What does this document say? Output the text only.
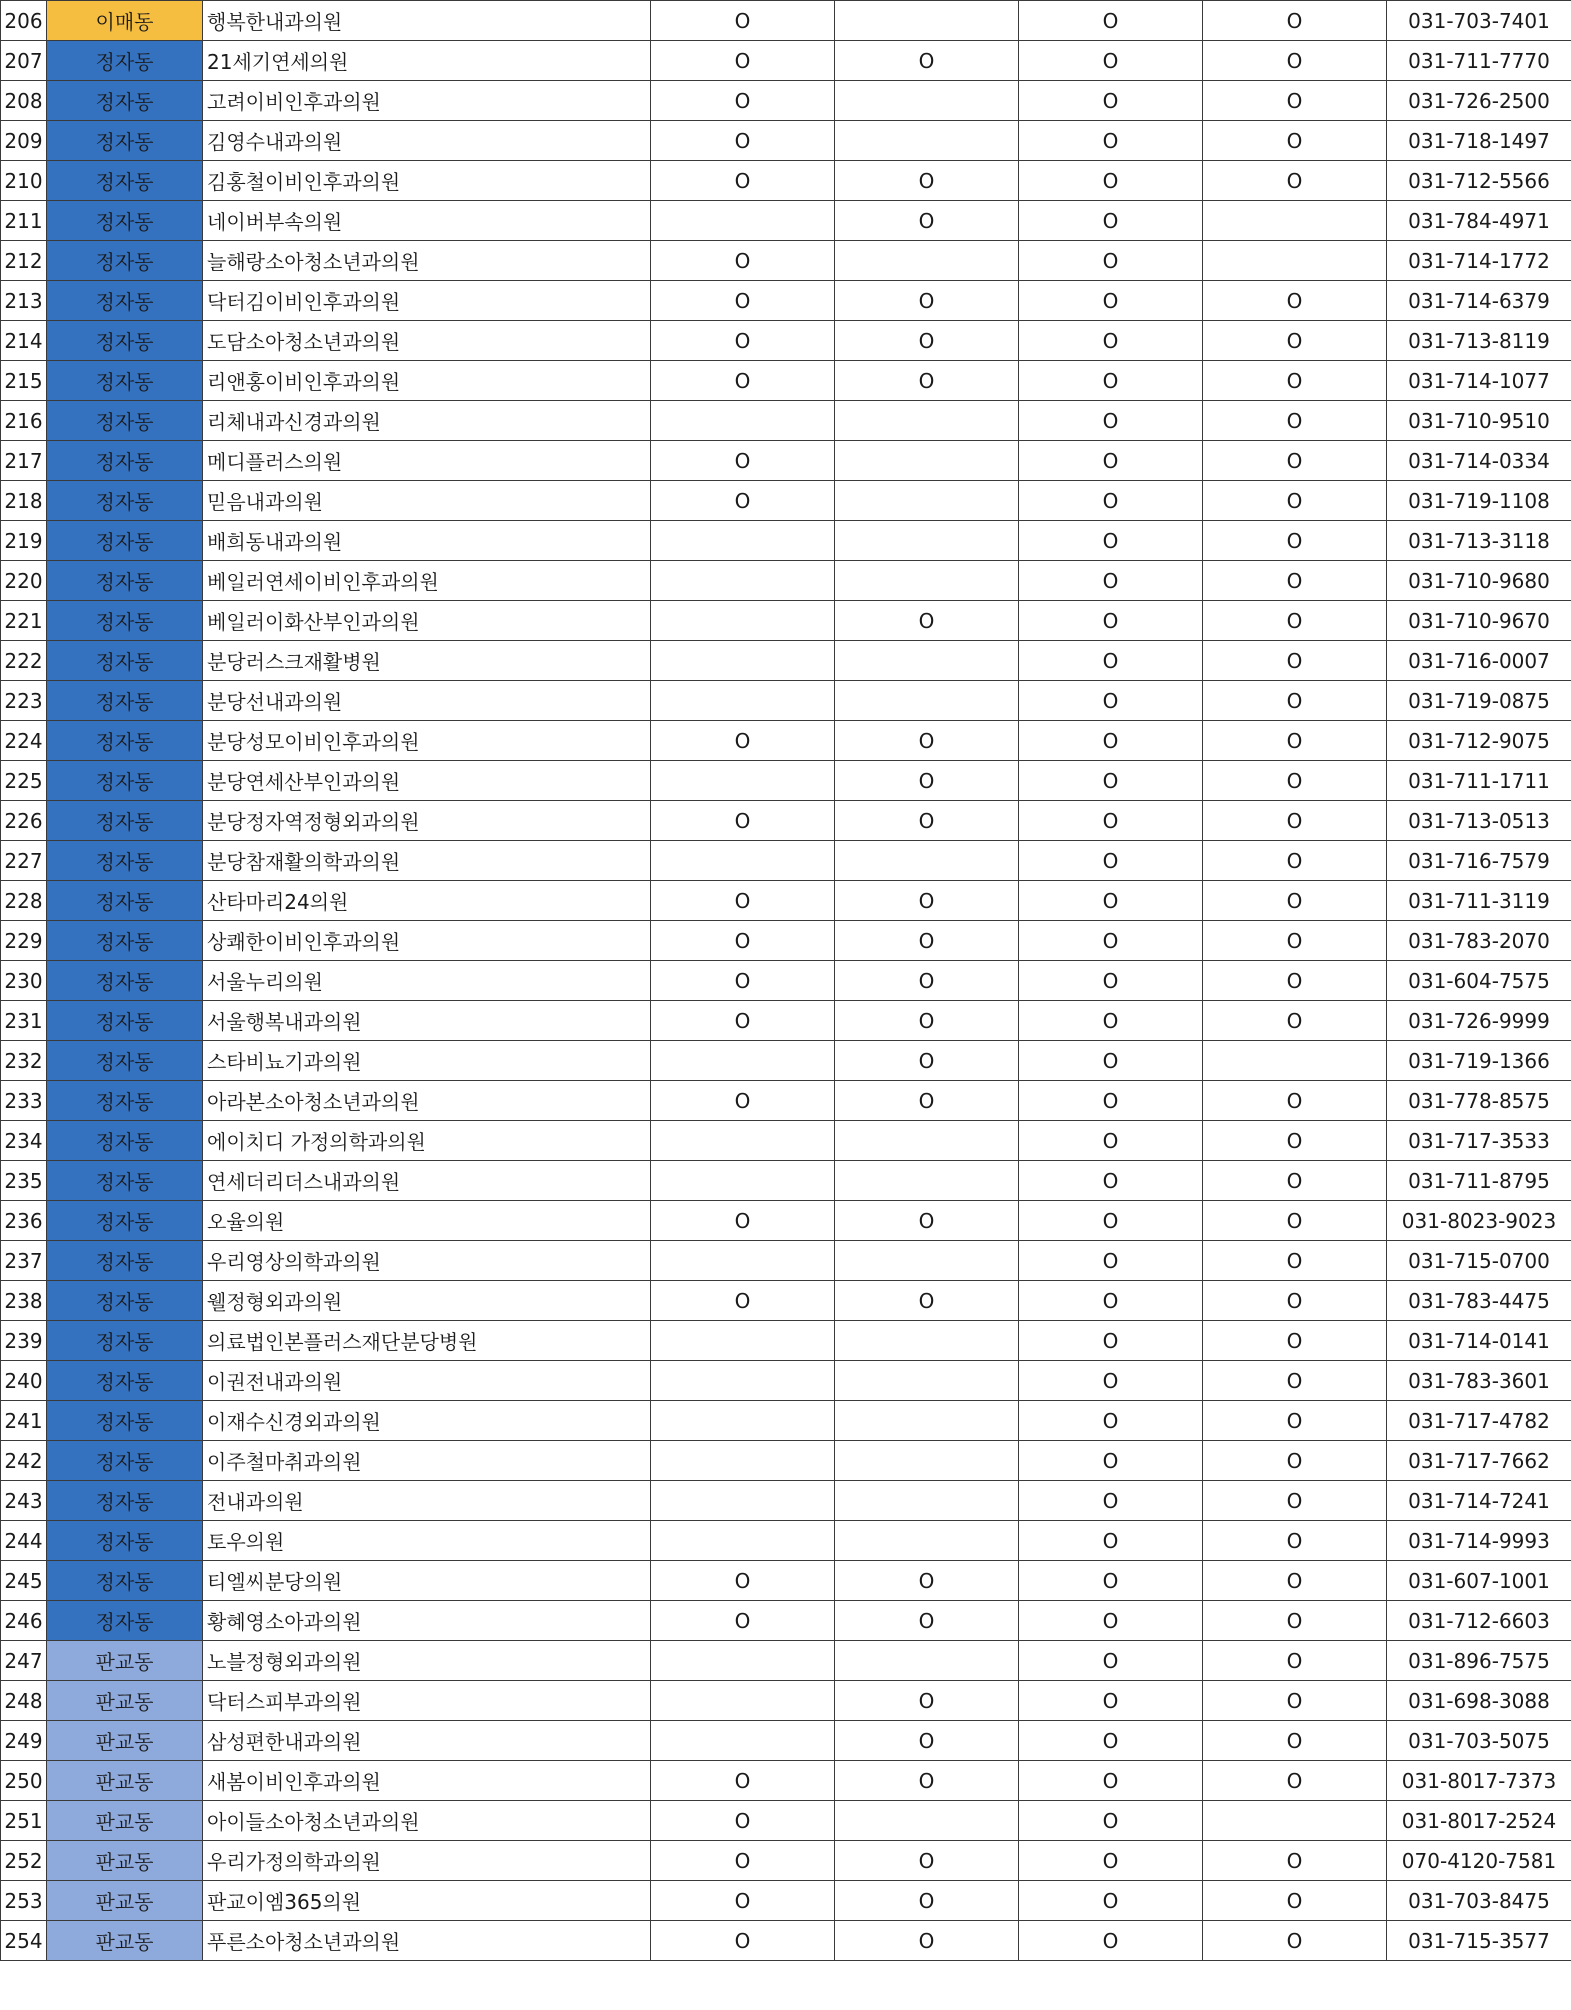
206	이매동	행복한내과의원	O		O	O	031-703-7401
207	정자동	21세기연세의원	O	O	O	O	031-711-7770
208	정자동	고려이비인후과의원	O		O	O	031-726-2500
209	정자동	김영수내과의원	O		O	O	031-718-1497
210	정자동	김홍철이비인후과의원	O	O	O	O	031-712-5566
211	정자동	네이버부속의원		O	O		031-784-4971
212	정자동	늘해랑소아청소년과의원	O		O		031-714-1772
213	정자동	닥터김이비인후과의원	O	O	O	O	031-714-6379
214	정자동	도담소아청소년과의원	O	O	O	O	031-713-8119
215	정자동	리앤홍이비인후과의원	O	O	O	O	031-714-1077
216	정자동	리체내과신경과의원			O	O	031-710-9510
217	정자동	메디플러스의원	O		O	O	031-714-0334
218	정자동	믿음내과의원	O		O	O	031-719-1108
219	정자동	배희동내과의원			O	O	031-713-3118
220	정자동	베일러연세이비인후과의원			O	O	031-710-9680
221	정자동	베일러이화산부인과의원		O	O	O	031-710-9670
222	정자동	분당러스크재활병원			O	O	031-716-0007
223	정자동	분당선내과의원			O	O	031-719-0875
224	정자동	분당성모이비인후과의원	O	O	O	O	031-712-9075
225	정자동	분당연세산부인과의원		O	O	O	031-711-1711
226	정자동	분당정자역정형외과의원	O	O	O	O	031-713-0513
227	정자동	분당참재활의학과의원			O	O	031-716-7579
228	정자동	산타마리24의원	O	O	O	O	031-711-3119
229	정자동	상쾌한이비인후과의원	O	O	O	O	031-783-2070
230	정자동	서울누리의원	O	O	O	O	031-604-7575
231	정자동	서울행복내과의원	O	O	O	O	031-726-9999
232	정자동	스타비뇨기과의원		O	O		031-719-1366
233	정자동	아라본소아청소년과의원	O	O	O	O	031-778-8575
234	정자동	에이치디 가정의학과의원			O	O	031-717-3533
235	정자동	연세더리더스내과의원			O	O	031-711-8795
236	정자동	오율의원	O	O	O	O	031-8023-9023
237	정자동	우리영상의학과의원			O	O	031-715-0700
238	정자동	웰정형외과의원	O	O	O	O	031-783-4475
239	정자동	의료법인본플러스재단분당병원			O	O	031-714-0141
240	정자동	이권전내과의원			O	O	031-783-3601
241	정자동	이재수신경외과의원			O	O	031-717-4782
242	정자동	이주철마취과의원			O	O	031-717-7662
243	정자동	전내과의원			O	O	031-714-7241
244	정자동	토우의원			O	O	031-714-9993
245	정자동	티엘씨분당의원	O	O	O	O	031-607-1001
246	정자동	황혜영소아과의원	O	O	O	O	031-712-6603
247	판교동	노블정형외과의원			O	O	031-896-7575
248	판교동	닥터스피부과의원		O	O	O	031-698-3088
249	판교동	삼성편한내과의원		O	O	O	031-703-5075
250	판교동	새봄이비인후과의원	O	O	O	O	031-8017-7373
251	판교동	아이들소아청소년과의원	O		O		031-8017-2524
252	판교동	우리가정의학과의원	O	O	O	O	070-4120-7581
253	판교동	판교이엠365의원	O	O	O	O	031-703-8475
254	판교동	푸른소아청소년과의원	O	O	O	O	031-715-3577
